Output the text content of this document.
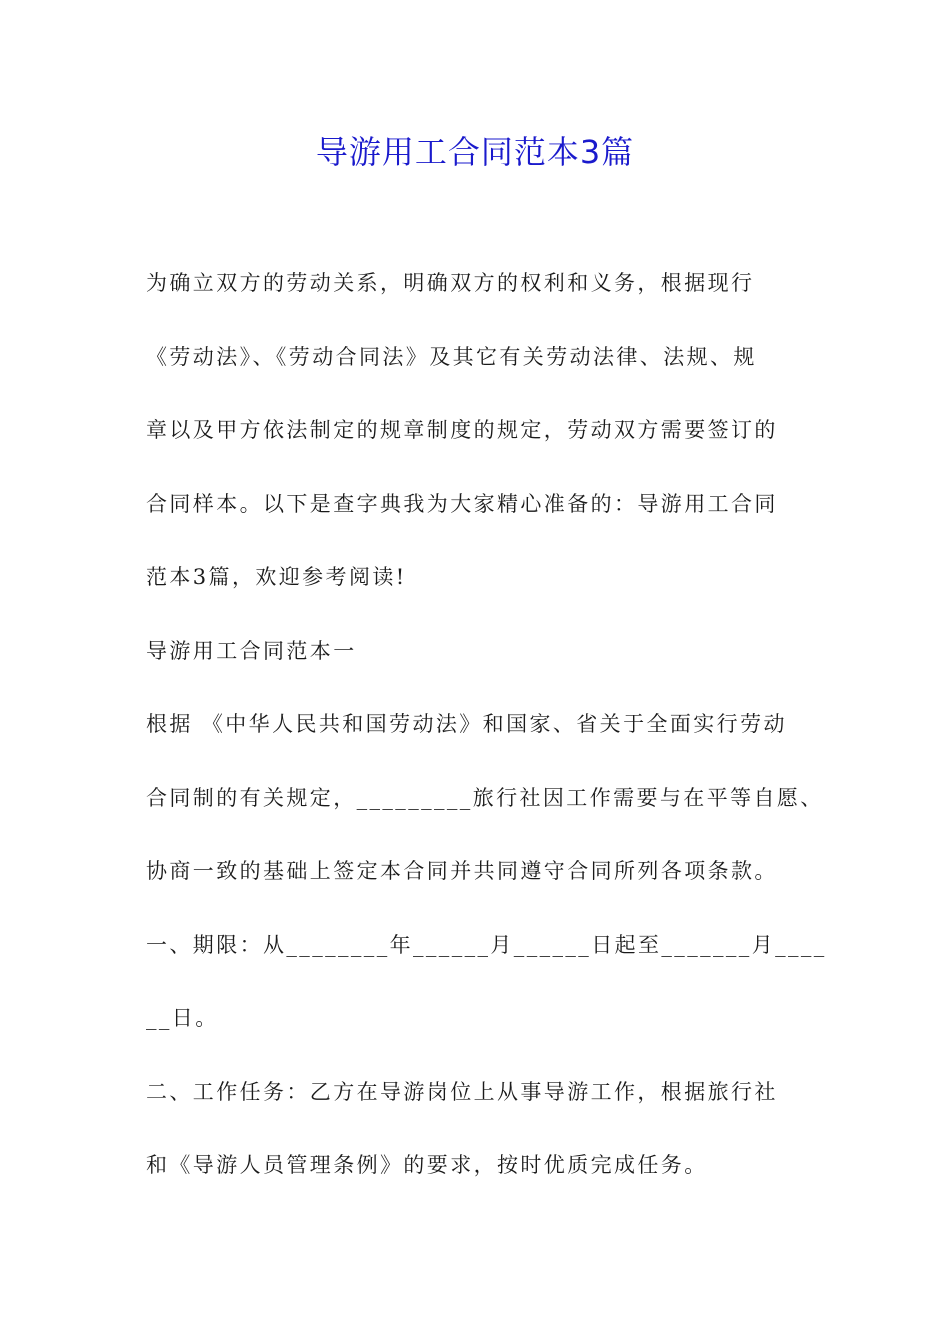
导游用工合同范本3篇

为确立双方的劳动关系，明确双方的权利和义务，根据现行

《劳动法》、《劳动合同法》及其它有关劳动法律、法规、规

章以及甲方依法制定的规章制度的规定，劳动双方需要签订的

合同样本。以下是查字典我为大家精心准备的：导游用工合同

范本3篇，欢迎参考阅读!

导游用工合同范本一

根据 《中华人民共和国劳动法》和国家、省关于全面实行劳动

合同制的有关规定，_________旅行社因工作需要与在平等自愿、

协商一致的基础上签定本合同并共同遵守合同所列各项条款。

一、期限：从________年______月______日起至_______月____

__日。

二、工作任务：乙方在导游岗位上从事导游工作，根据旅行社

和《导游人员管理条例》的要求，按时优质完成任务。
